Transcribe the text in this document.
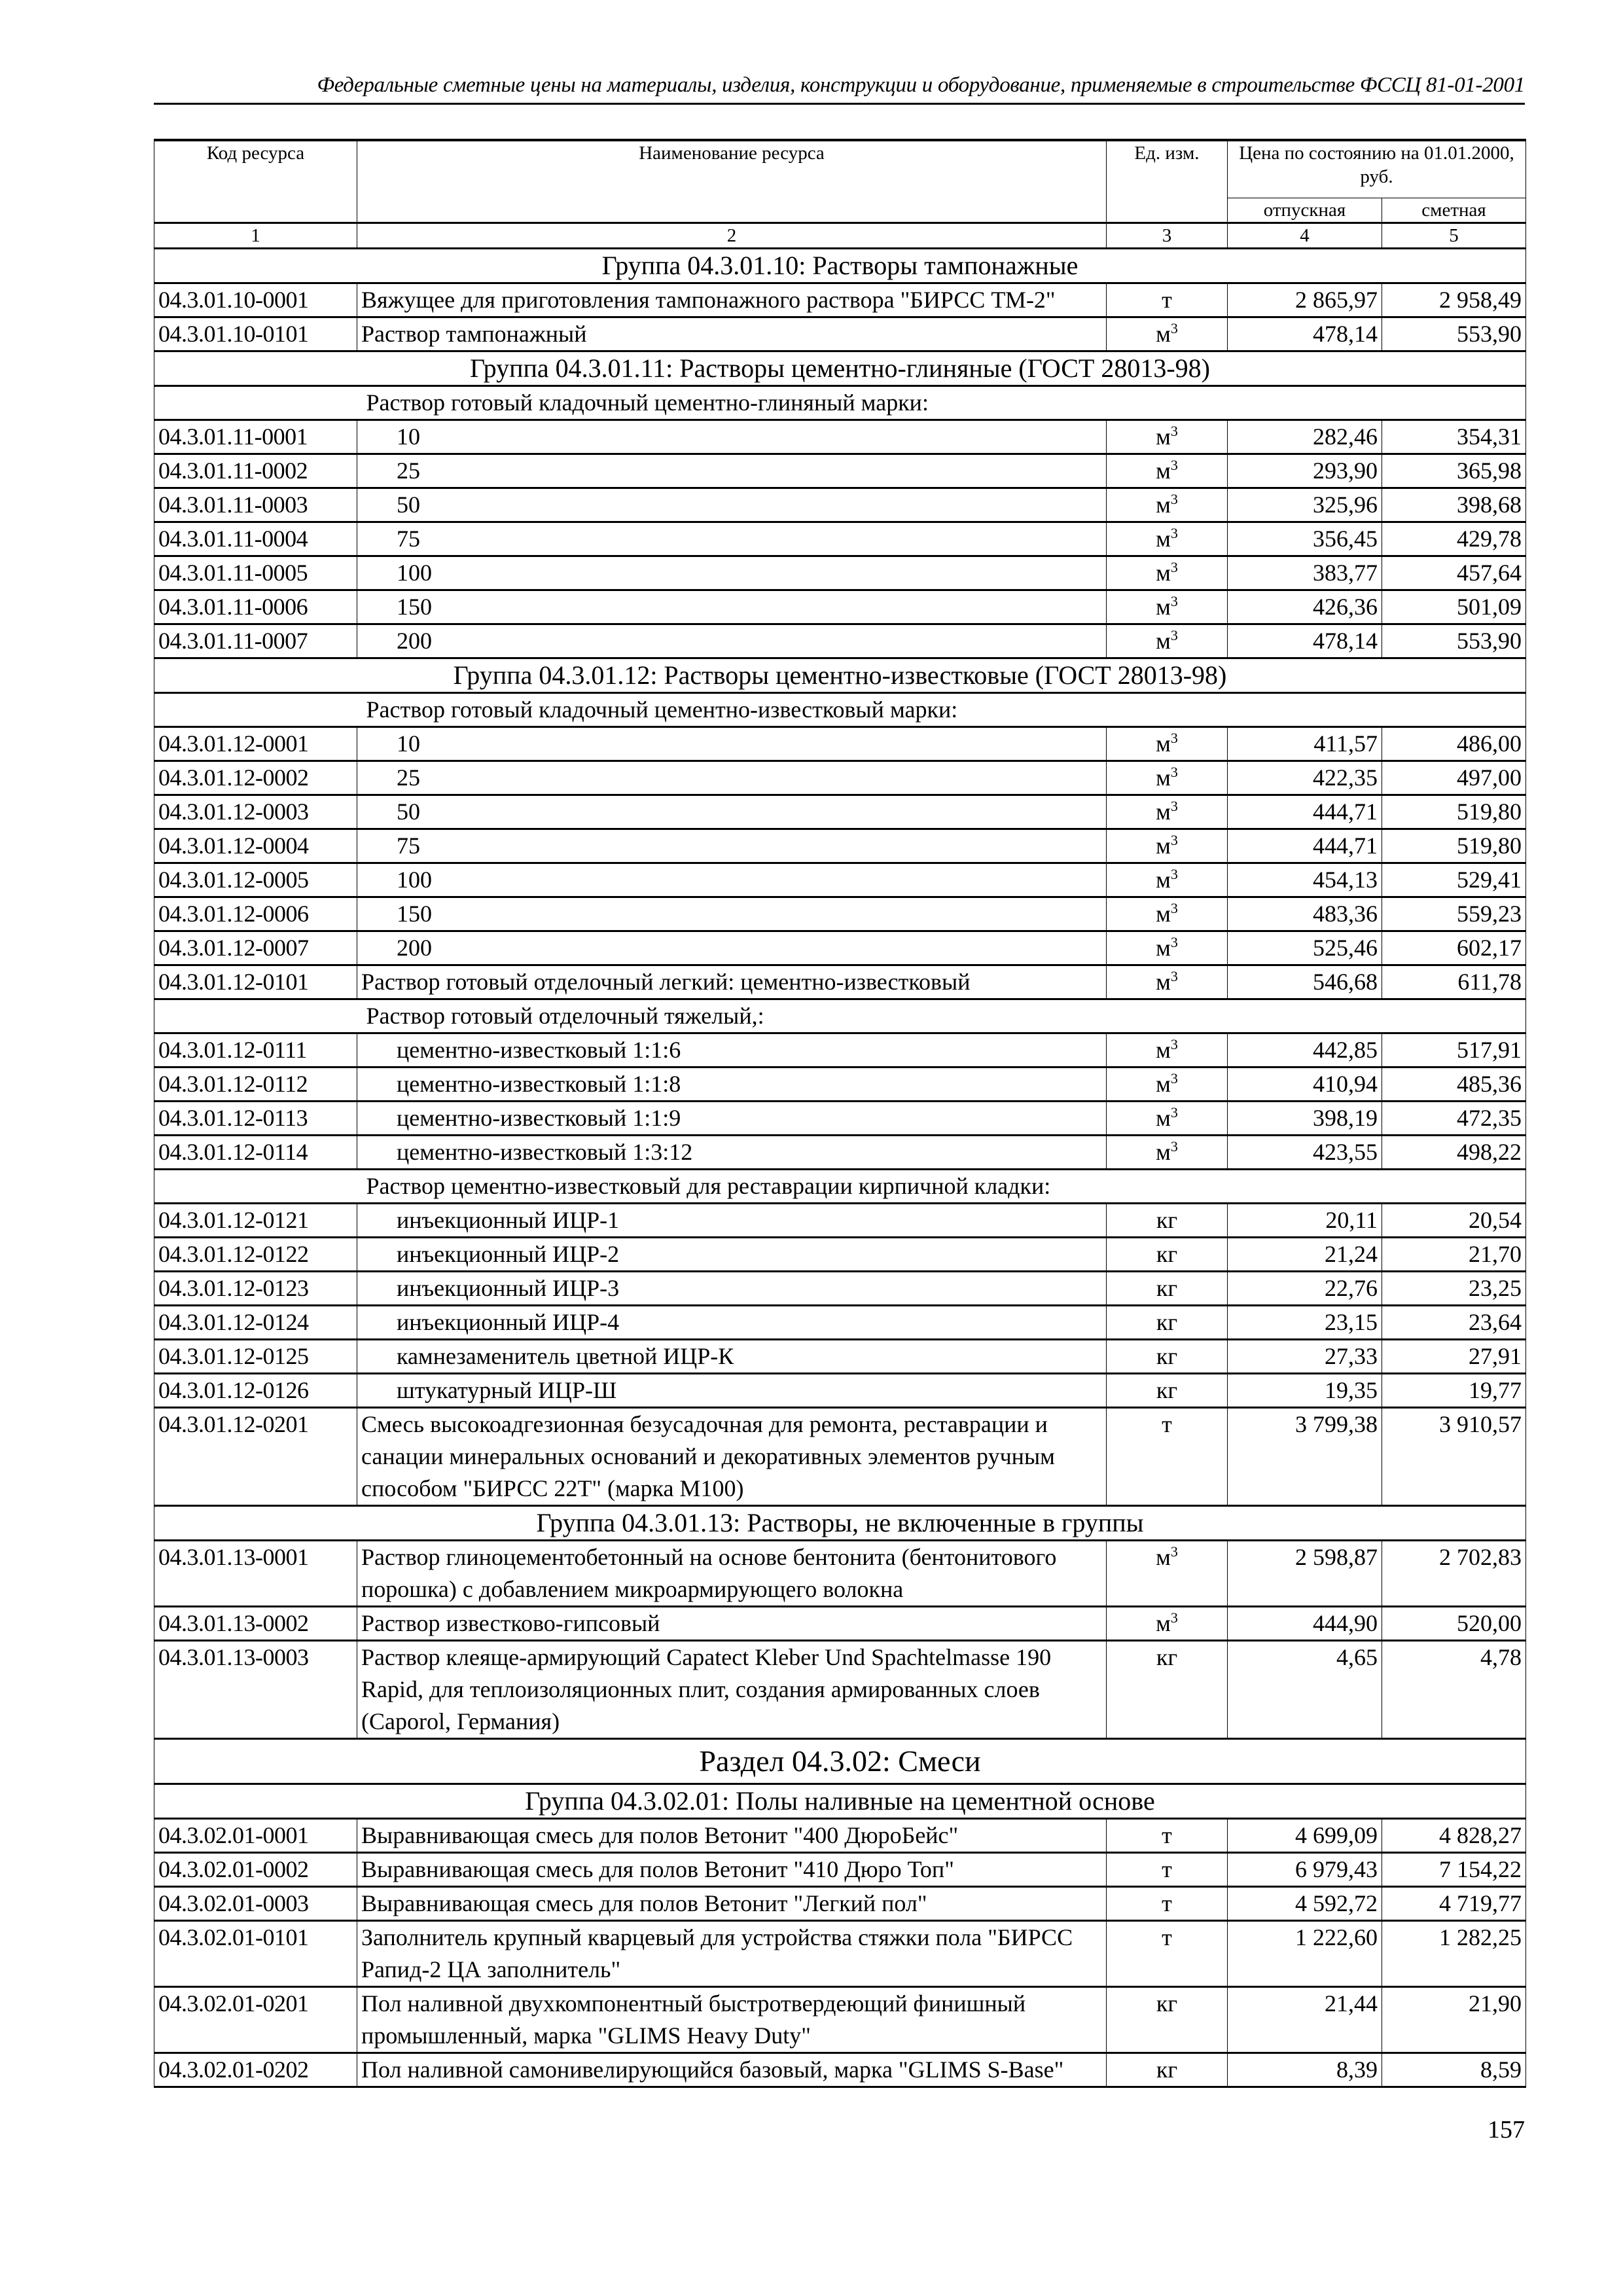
Федеральные сметные цены на материалы, изделия, конструкции и оборудование, применяемые в строительстве ФССЦ 81-01-2001
Код ресурса	Наименование ресурса	Ед. изм.	Цена по состоянию на 01.01.2000, руб.	
			отпускная	сметная
1	2	3	4	5
Группа 04.3.01.10: Растворы тампонажные				
04.3.01.10-0001	Вяжущее для приготовления тампонажного раствора "БИРСС ТМ-2"	т	2 865,97	2 958,49
04.3.01.10-0101	Раствор тампонажный	$м^3$	478,14	553,90
Группа 04.3.01.11: Растворы цементно-глиняные (ГОСТ 28013-98)				
	Раствор готовый кладочный цементно-глиняный марки:			
04.3.01.11-0001	10	$м^3$	282,46	354,31
04.3.01.11-0002	25	$м^3$	293,90	365,98
04.3.01.11-0003	50	$м^3$	325,96	398,68
04.3.01.11-0004	75	$м^3$	356,45	429,78
04.3.01.11-0005	100	$м^3$	383,77	457,64
04.3.01.11-0006	150	$м^3$	426,36	501,09
04.3.01.11-0007	200	$м^3$	478,14	553,90
Группа 04.3.01.12: Растворы цементно-известковые (ГОСТ 28013-98)				
	Раствор готовый кладочный цементно-известковый марки:			
04.3.01.12-0001	10	$м^3$	411,57	486,00
04.3.01.12-0002	25	$м^3$	422,35	497,00
04.3.01.12-0003	50	$м^3$	444,71	519,80
04.3.01.12-0004	75	$м^3$	444,71	519,80
04.3.01.12-0005	100	$м^3$	454,13	529,41
04.3.01.12-0006	150	$м^3$	483,36	559,23
04.3.01.12-0007	200	$м^3$	525,46	602,17
04.3.01.12-0101	Раствор готовый отделочный легкий: цементно-известковый	$м^3$	546,68	611,78
	Раствор готовый отделочный тяжелый,:			
04.3.01.12-0111	цементно-известковый 1:1:6	$м^3$	442,85	517,91
04.3.01.12-0112	цементно-известковый 1:1:8	$м^3$	410,94	485,36
04.3.01.12-0113	цементно-известковый 1:1:9	$м^3$	398,19	472,35
04.3.01.12-0114	цементно-известковый 1:3:12	$м^3$	423,55	498,22
	Раствор цементно-известковый для реставрации кирпичной кладки:			
04.3.01.12-0121	инъекционный ИЦР-1	кг	20,11	20,54
04.3.01.12-0122	инъекционный ИЦР-2	кг	21,24	21,70
04.3.01.12-0123	инъекционный ИЦР-3	кг	22,76	23,25
04.3.01.12-0124	инъекционный ИЦР-4	кг	23,15	23,64
04.3.01.12-0125	камнезаменитель цветной ИЦР-К	кг	27,33	27,91
04.3.01.12-0126	штукатурный ИЦР-Ш	кг	19,35	19,77
04.3.01.12-0201	Смесь высокоадгезионная безусадочная для ремонта, реставрации и санации минеральных оснований и декоративных элементов ручным способом "БИРСС 22Т" (марка М100)	т	3 799,38	3 910,57
Группа 04.3.01.13: Растворы, не включенные в группы				
04.3.01.13-0001	Раствор глиноцементобетонный на основе бентонита (бентонитового порошка) с добавлением микроармирующего волокна	$м^3$	2 598,87	2 702,83
04.3.01.13-0002	Раствор известково-гипсовый	$м^3$	444,90	520,00
04.3.01.13-0003	Раствор клеяще-армирующий Capatect Kleber Und Spachtelmasse 190 Rapid, для теплоизоляционных плит, создания армированных слоев (Caporol, Германия)	кг	4,65	4,78
Раздел 04.3.02: Смеси				
Группа 04.3.02.01: Полы наливные на цементной основе				
04.3.02.01-0001	Выравнивающая смесь для полов Ветонит "400 ДюроБейс"	т	4 699,09	4 828,27
04.3.02.01-0002	Выравнивающая смесь для полов Ветонит "410 Дюро Топ"	т	6 979,43	7 154,22
04.3.02.01-0003	Выравнивающая смесь для полов Ветонит "Легкий пол"	т	4 592,72	4 719,77
04.3.02.01-0101	Заполнитель крупный кварцевый для устройства стяжки пола "БИРСС Рапид-2 ЦА заполнитель"	т	1 222,60	1 282,25
04.3.02.01-0201	Пол наливной двухкомпонентный быстротвердеющий финишный промышленный, марка "GLIMS Heavy Duty"	кг	21,44	21,90
04.3.02.01-0202	Пол наливной самонивелирующийся базовый, марка "GLIMS S-Base"	кг	8,39	8,59
157
